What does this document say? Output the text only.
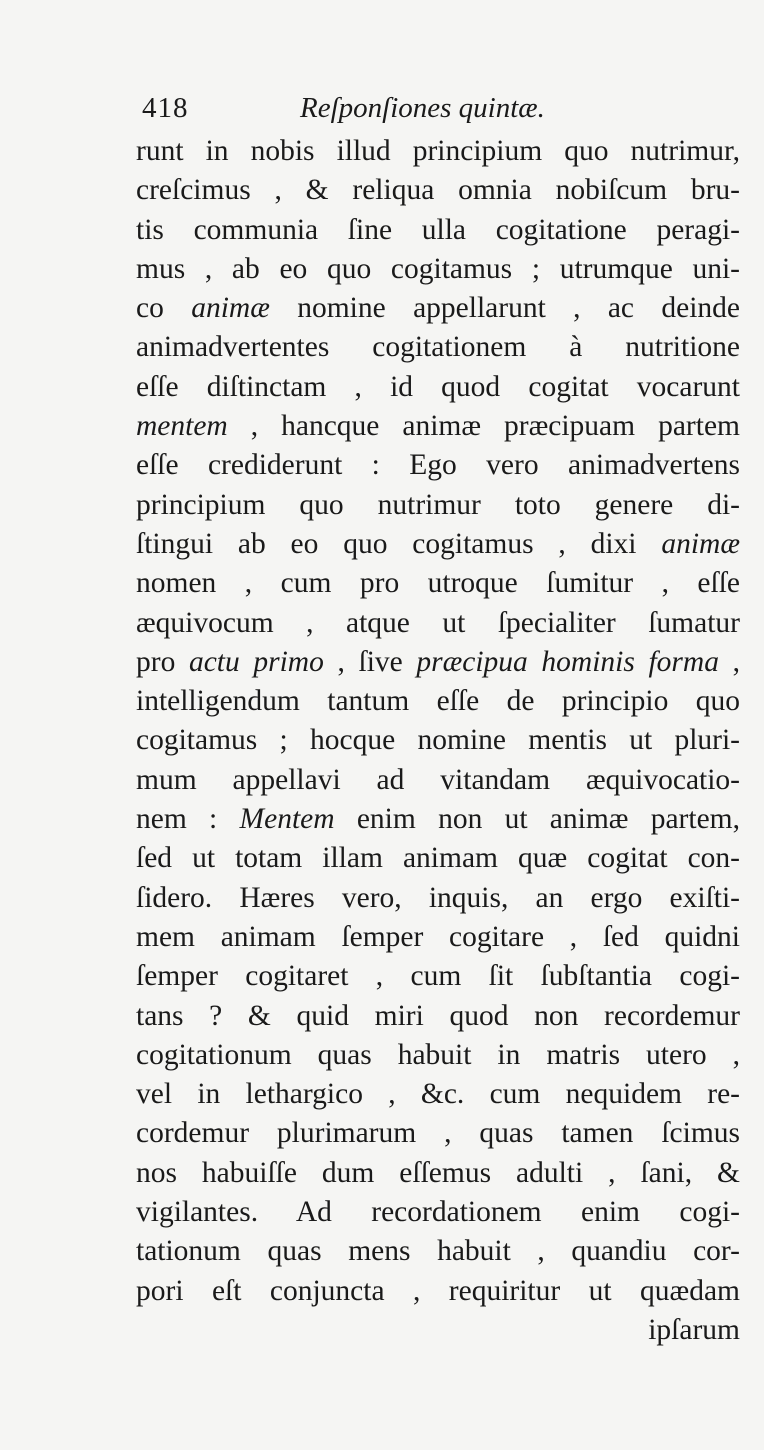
418	Reſponſiones quintæ.
runt in nobis illud principium quo nutrimur,
creſcimus , & reliqua omnia nobiſcum bru-
tis communia ſine ulla cogitatione peragi-
mus , ab eo quo cogitamus ; utrumque uni-
co animæ nomine appellarunt , ac deinde
animadvertentes cogitationem à nutritione
eſſe diſtinctam , id quod cogitat vocarunt
mentem , hancque animæ præcipuam partem
eſſe crediderunt : Ego vero animadvertens
principium quo nutrimur toto genere di-
ſtingui ab eo quo cogitamus , dixi animæ
nomen , cum pro utroque ſumitur , eſſe
æquivocum , atque ut ſpecialiter ſumatur
pro actu primo , ſive præcipua hominis forma ,
intelligendum tantum eſſe de principio quo
cogitamus ; hocque nomine mentis ut pluri-
mum appellavi ad vitandam æquivocatio-
nem : Mentem enim non ut animæ partem,
ſed ut totam illam animam quæ cogitat con-
ſidero. Hæres vero, inquis, an ergo exiſti-
mem animam ſemper cogitare , ſed quidni
ſemper cogitaret , cum ſit ſubſtantia cogi-
tans ? & quid miri quod non recordemur
cogitationum quas habuit in matris utero ,
vel in lethargico , &c. cum nequidem re-
cordemur plurimarum , quas tamen ſcimus
nos habuiſſe dum eſſemus adulti , ſani, &
vigilantes. Ad recordationem enim cogi-
tationum quas mens habuit , quandiu cor-
pori eſt conjuncta , requiritur ut quædam
ipſarum
